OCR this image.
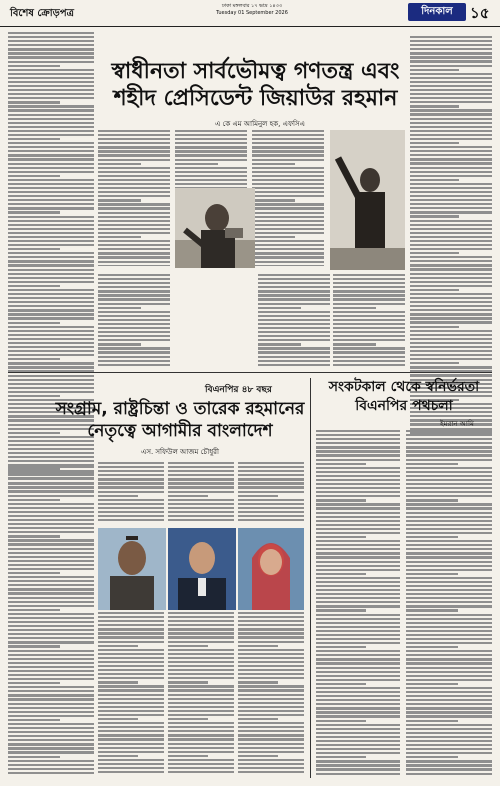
বিশেষ ক্রোড়পত্র
ঢাকা মঙ্গলবার ১৭ ভাদ্র ১৪৩৩
Tuesday 01 September 2026	দিনকাল	১৫
স্বাধীনতা সার্বভৌমত্ব গণতন্ত্র এবং
শহীদ প্রেসিডেন্ট জিয়াউর রহমান
এ কে এম আমিনুল হক, এফসিএ
বিএনপির ৪৮ বছর
সংগ্রাম, রাষ্ট্রচিন্তা ও তারেক রহমানের
নেতৃত্বে আগামীর বাংলাদেশ
এস. সফিউল আজম চৌধুরী
সংকটকাল থেকে স্বনির্ভরতা
বিএনপির পথচলা
ইমরান আমি
